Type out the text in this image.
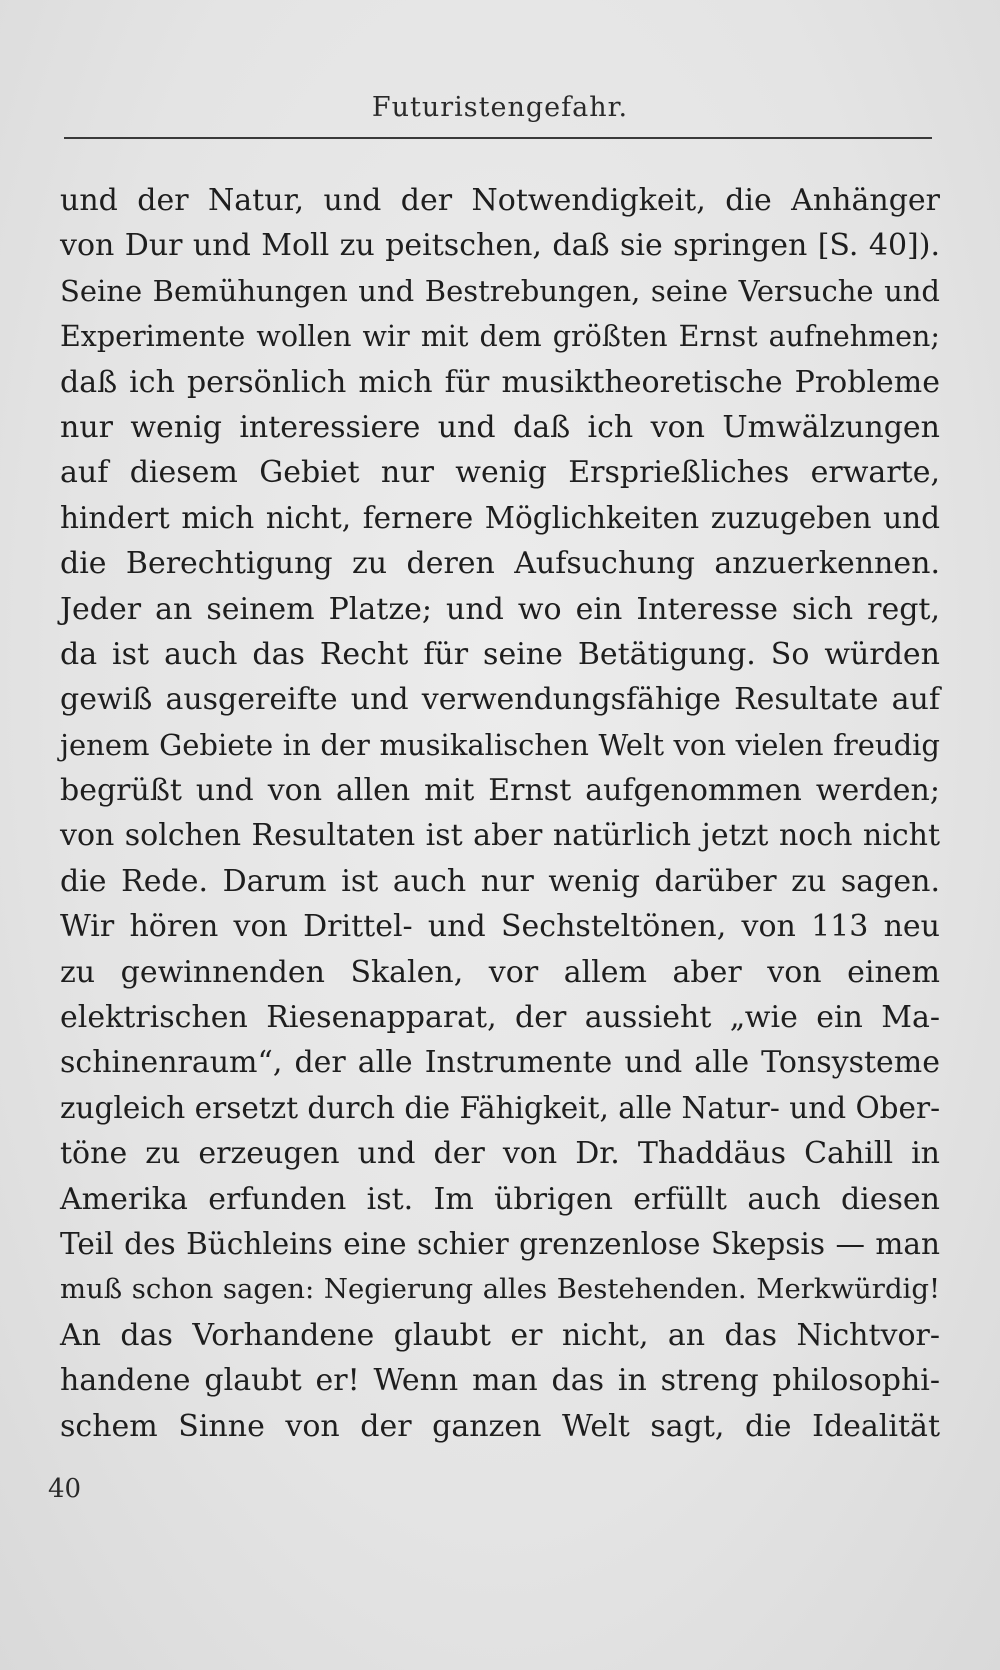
Futuristengefahr.
und der Natur, und der Notwendigkeit, die Anhänger
von Dur und Moll zu peitschen, daß sie springen [S. 40]).
Seine Bemühungen und Bestrebungen, seine Versuche und
Experimente wollen wir mit dem größten Ernst aufnehmen;
daß ich persönlich mich für musiktheoretische Probleme
nur wenig interessiere und daß ich von Umwälzungen
auf diesem Gebiet nur wenig Ersprießliches erwarte,
hindert mich nicht, fernere Möglichkeiten zuzugeben und
die Berechtigung zu deren Aufsuchung anzuerkennen.
Jeder an seinem Platze; und wo ein Interesse sich regt,
da ist auch das Recht für seine Betätigung. So würden
gewiß ausgereifte und verwendungsfähige Resultate auf
jenem Gebiete in der musikalischen Welt von vielen freudig
begrüßt und von allen mit Ernst aufgenommen werden;
von solchen Resultaten ist aber natürlich jetzt noch nicht
die Rede. Darum ist auch nur wenig darüber zu sagen.
Wir hören von Drittel- und Sechsteltönen, von 113 neu
zu gewinnenden Skalen, vor allem aber von einem
elektrischen Riesenapparat, der aussieht „wie ein Ma-
schinenraum“, der alle Instrumente und alle Tonsysteme
zugleich ersetzt durch die Fähigkeit, alle Natur- und Ober-
töne zu erzeugen und der von Dr. Thaddäus Cahill in
Amerika erfunden ist. Im übrigen erfüllt auch diesen
Teil des Büchleins eine schier grenzenlose Skepsis — man
muß schon sagen: Negierung alles Bestehenden. Merkwürdig!
An das Vorhandene glaubt er nicht, an das Nichtvor-
handene glaubt er! Wenn man das in streng philosophi-
schem Sinne von der ganzen Welt sagt, die Idealität
40
